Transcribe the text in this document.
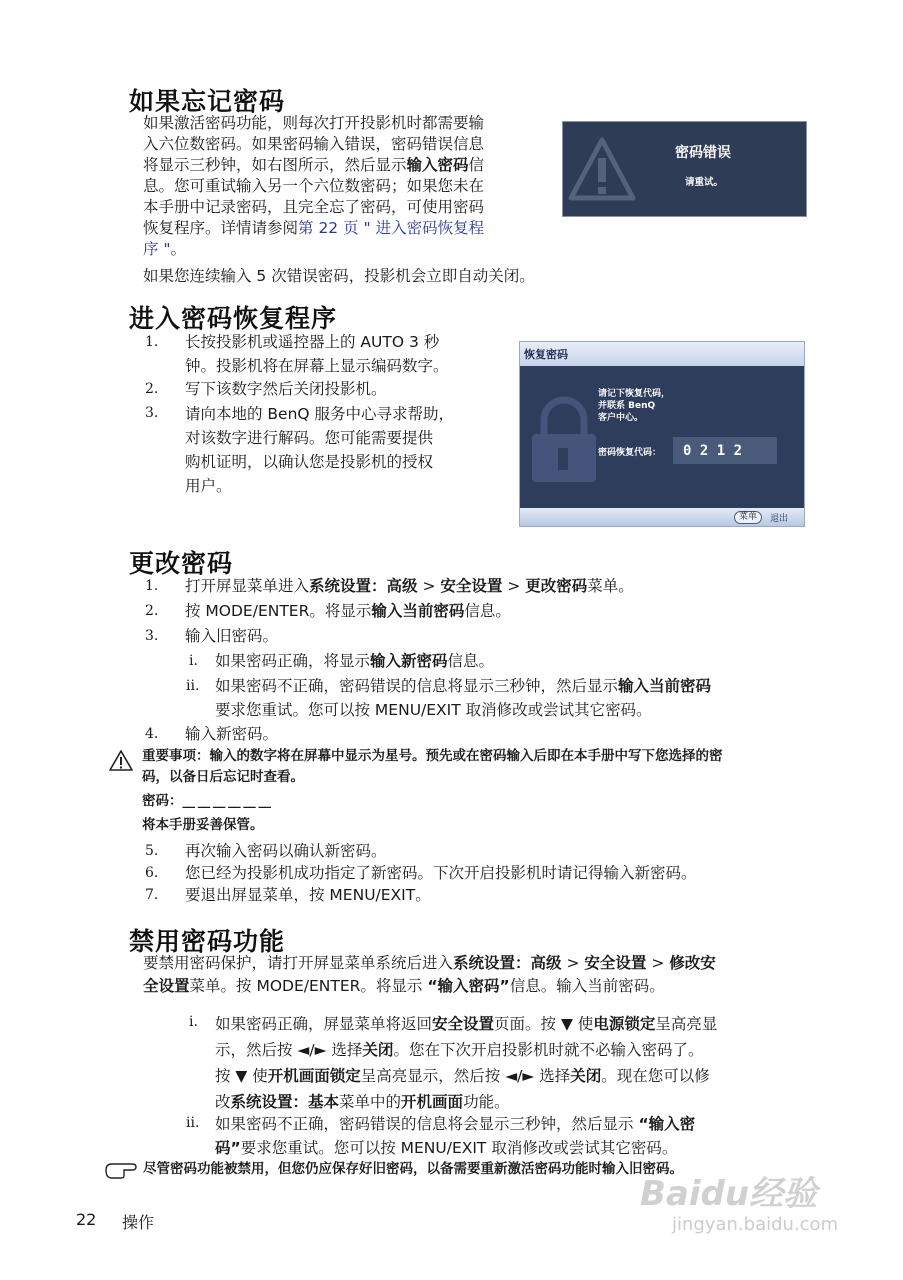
如果忘记密码
如果激活密码功能，则每次打开投影机时都需要输
入六位数密码。如果密码输入错误，密码错误信息
将显示三秒钟，如右图所示，然后显示输入密码信
息。您可重试输入另一个六位数密码；如果您未在
本手册中记录密码，且完全忘了密码，可使用密码
恢复程序。详情请参阅第 22 页 " 进入密码恢复程
序 "。
如果您连续输入 5 次错误密码，投影机会立即自动关闭。
密码错误
请重试。
进入密码恢复程序
1. 长按投影机或遥控器上的 AUTO 3 秒
钟。投影机将在屏幕上显示编码数字。
2. 写下该数字然后关闭投影机。
3. 请向本地的 BenQ 服务中心寻求帮助，
对该数字进行解码。您可能需要提供
购机证明，以确认您是投影机的授权
用户。
恢复密码
请记下恢复代码，
并联系 BenQ
客户中心。
密码恢复代码： 0 2 1 2
菜单	退出
更改密码
1. 打开屏显菜单进入系统设置：高级 > 安全设置 > 更改密码菜单。
2. 按 MODE/ENTER。将显示输入当前密码信息。
3. 输入旧密码。
i. 如果密码正确，将显示输入新密码信息。
ii. 如果密码不正确，密码错误的信息将显示三秒钟，然后显示输入当前密码
要求您重试。您可以按 MENU/EXIT 取消修改或尝试其它密码。
4. 输入新密码。
重要事项：输入的数字将在屏幕中显示为星号。预先或在密码输入后即在本手册中写下您选择的密
码，以备日后忘记时查看。
密码：__ __ __ __ __ __
将本手册妥善保管。
5. 再次输入密码以确认新密码。
6. 您已经为投影机成功指定了新密码。下次开启投影机时请记得输入新密码。
7. 要退出屏显菜单，按 MENU/EXIT。
禁用密码功能
要禁用密码保护，请打开屏显菜单系统后进入系统设置：高级 > 安全设置 > 修改安
全设置菜单。按 MODE/ENTER。将显示 “输入密码”信息。输入当前密码。
i. 如果密码正确，屏显菜单将返回安全设置页面。按 ▼ 使电源锁定呈高亮显
示，然后按 ◄/► 选择关闭。您在下次开启投影机时就不必输入密码了。
按 ▼ 使开机画面锁定呈高亮显示，然后按 ◄/► 选择关闭。现在您可以修
改系统设置：基本菜单中的开机画面功能。
ii. 如果密码不正确，密码错误的信息将会显示三秒钟，然后显示 “输入密
码”要求您重试。您可以按 MENU/EXIT 取消修改或尝试其它密码。
尽管密码功能被禁用，但您仍应保存好旧密码，以备需要重新激活密码功能时输入旧密码。
22 操作
Baidu经验
jingyan.baidu.com
